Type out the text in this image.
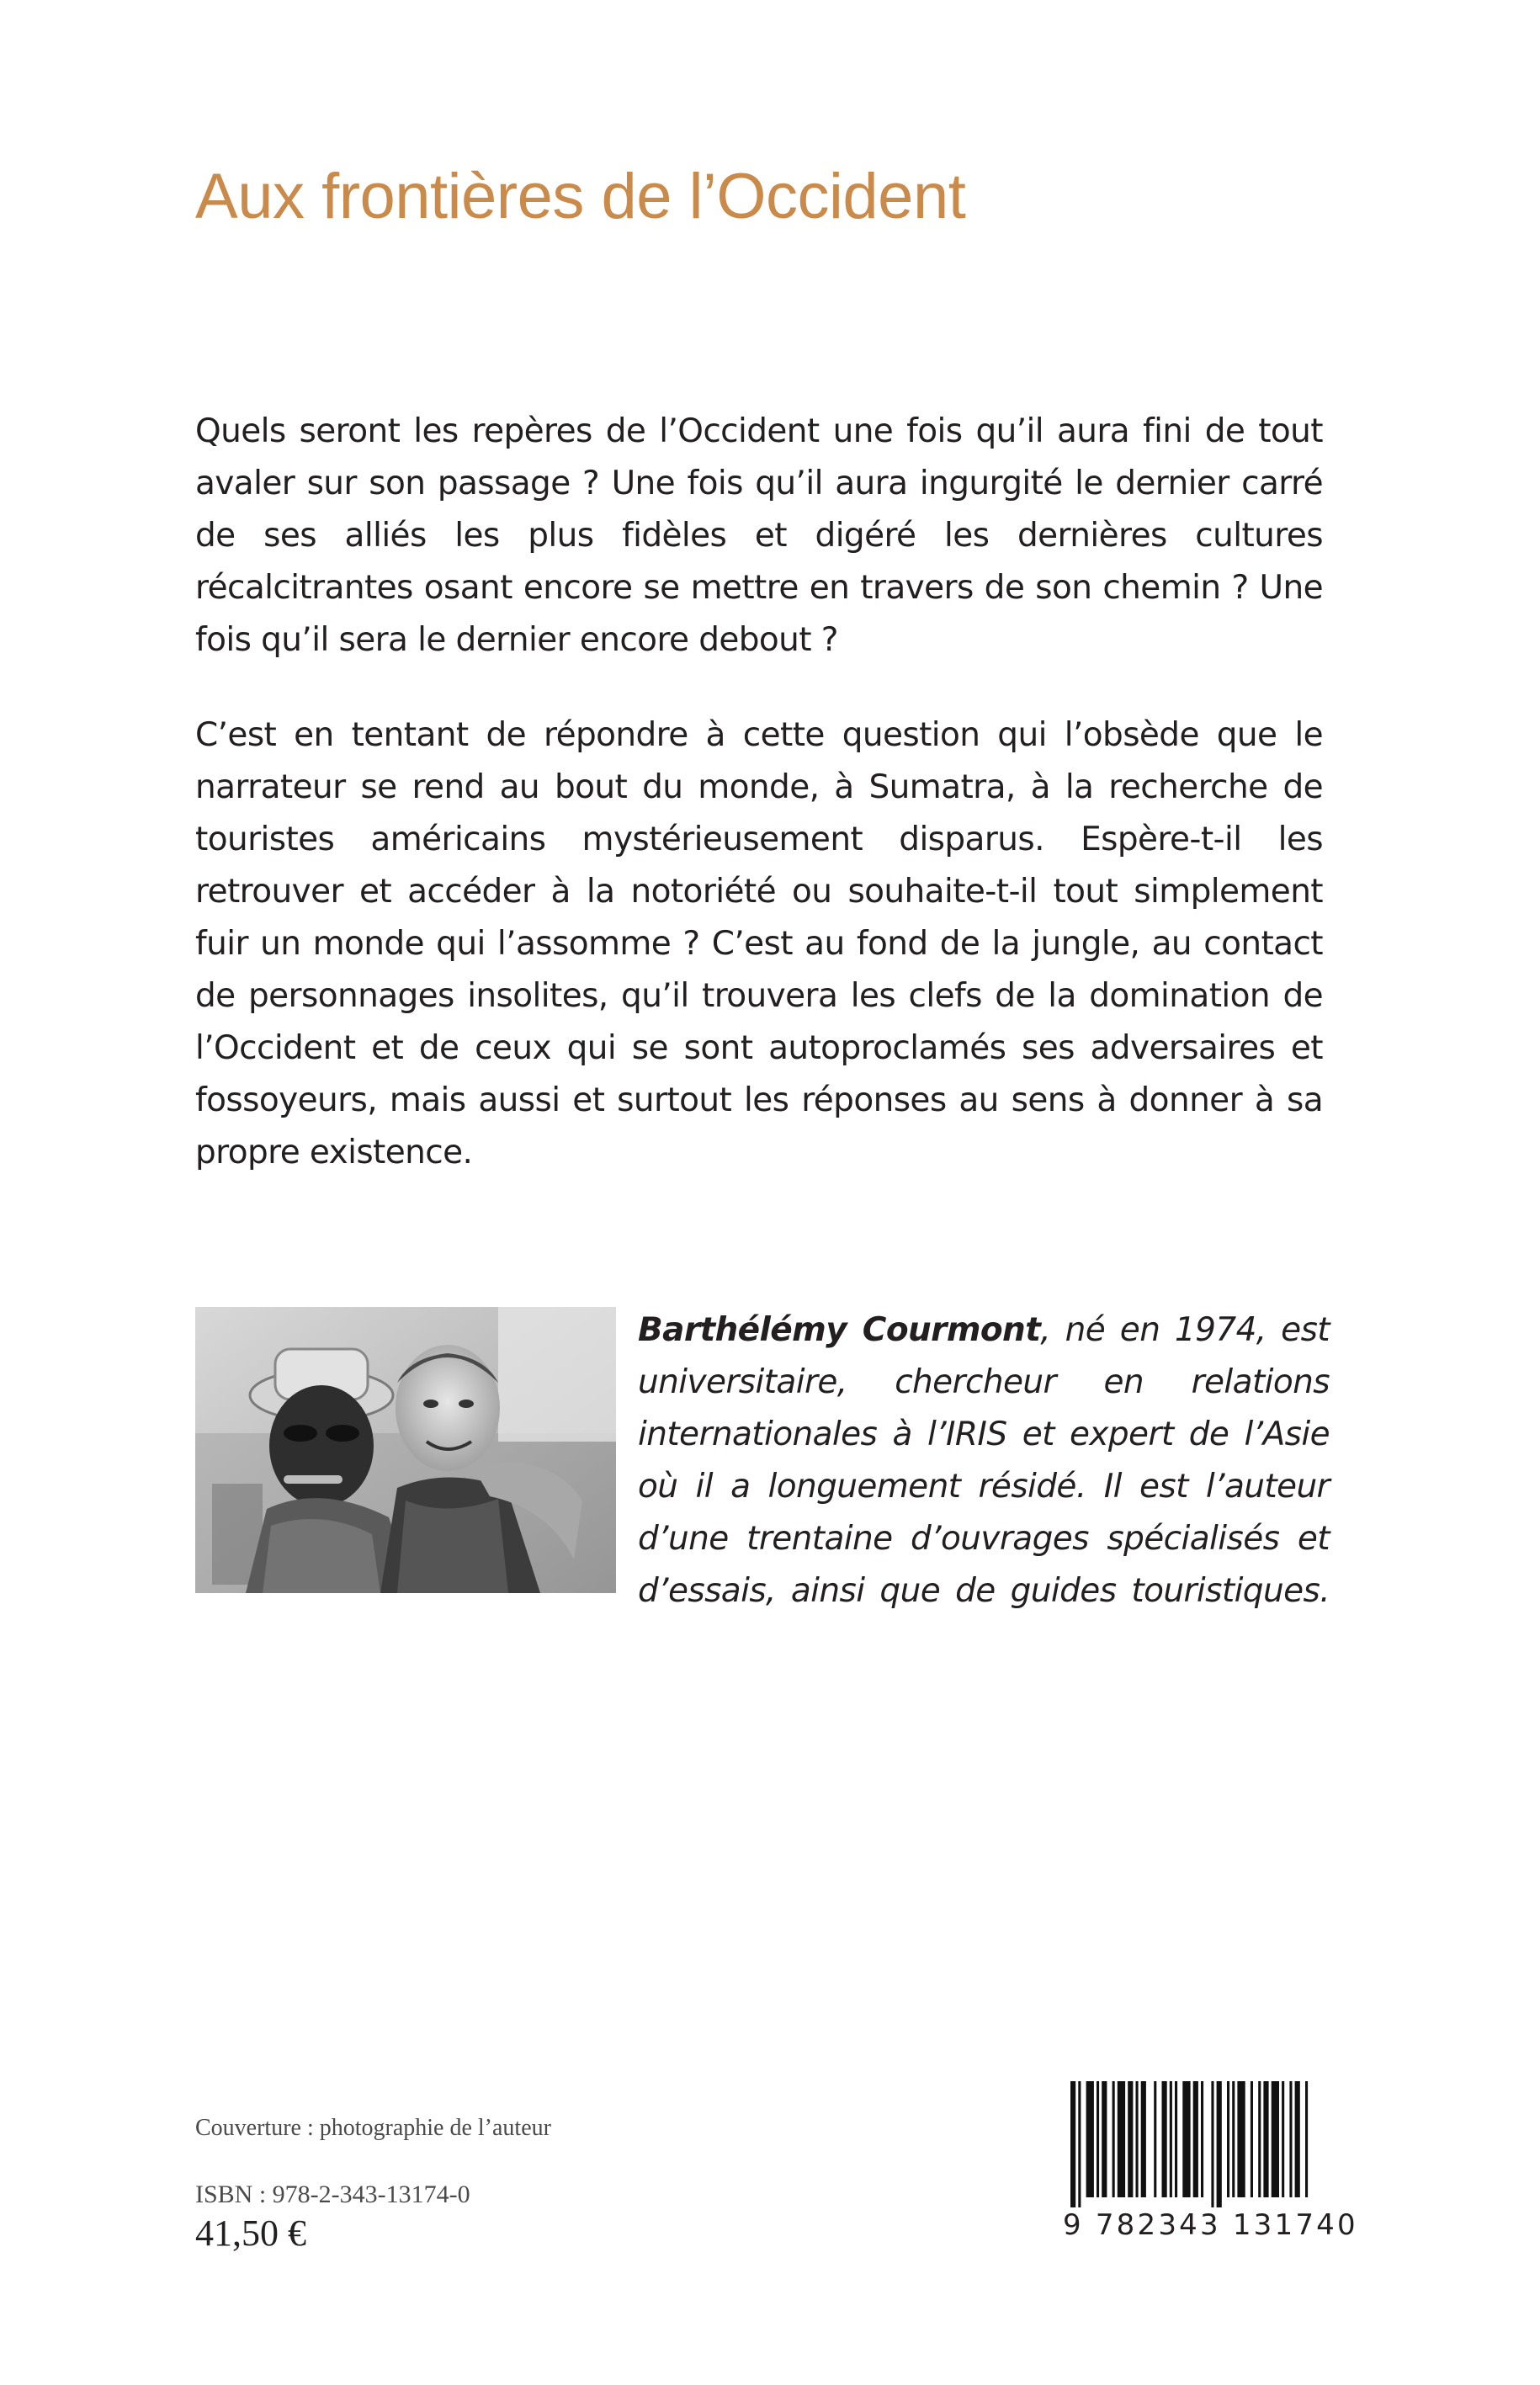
Aux frontières de l’Occident
Quels seront les repères de l’Occident une fois qu’il aura fini de tout avaler sur son passage ? Une fois qu’il aura ingurgité le dernier carré de ses alliés les plus fidèles et digéré les dernières cultures récalcitrantes osant encore se mettre en travers de son chemin ? Une fois qu’il sera le dernier encore debout ?
C’est en tentant de répondre à cette question qui l’obsède que le narrateur se rend au bout du monde, à Sumatra, à la recherche de touristes américains mystérieusement disparus. Espère-t-il les retrouver et accéder à la notoriété ou souhaite-t-il tout simplement fuir un monde qui l’assomme ? C’est au fond de la jungle, au contact de personnages insolites, qu’il trouvera les clefs de la domination de l’Occident et de ceux qui se sont autoproclamés ses adversaires et fossoyeurs, mais aussi et surtout les réponses au sens à donner à sa propre existence.
Barthélémy Courmont, né en 1974, est universitaire, chercheur en relations internationales à l’IRIS et expert de l’Asie où il a longuement résidé. Il est l’auteur d’une trentaine d’ouvrages spécialisés et d’essais, ainsi que de guides touristiques.
Couverture : photographie de l’auteur
ISBN : 978-2-343-13174-0
41,50 €	9 782343 131740
